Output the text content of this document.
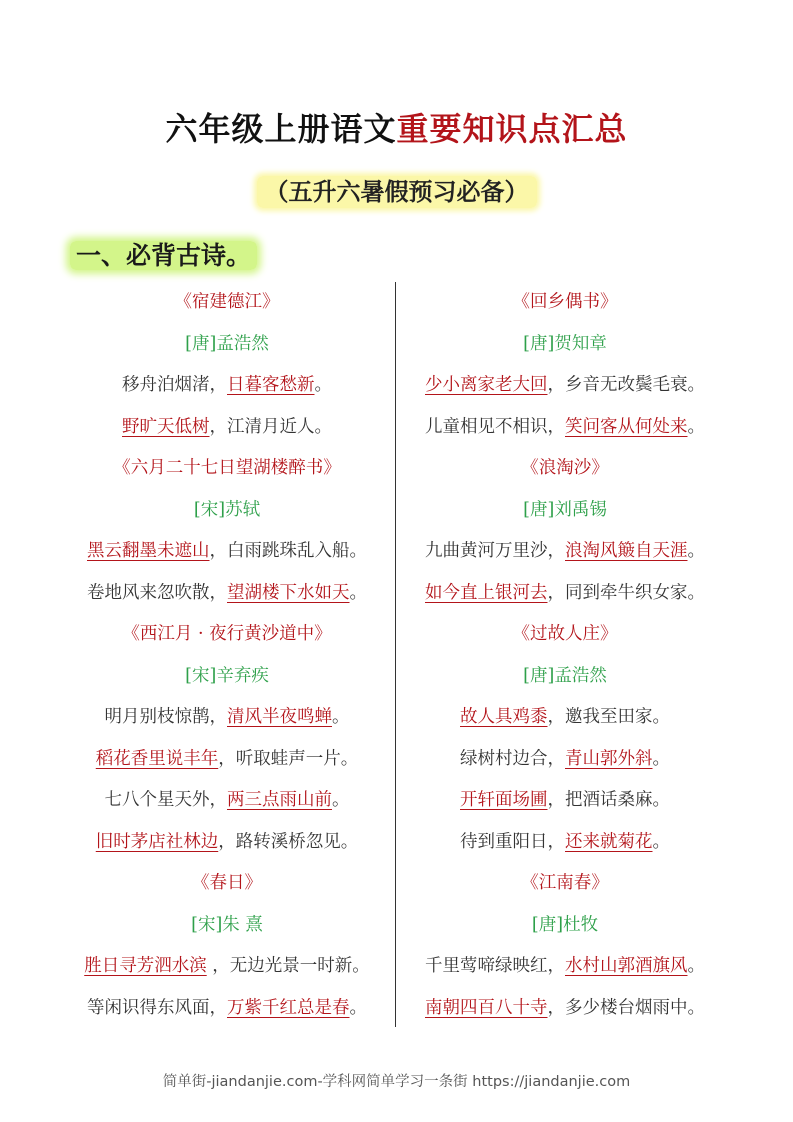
六年级上册语文重要知识点汇总
（五升六暑假预习必备）
一、必背古诗。
《宿建德江》
[唐]孟浩然
移舟泊烟渚，日暮客愁新。
野旷天低树，江清月近人。
《六月二十七日望湖楼醉书》
[宋]苏轼
黑云翻墨未遮山，白雨跳珠乱入船。
卷地风来忽吹散，望湖楼下水如天。
《西江月 · 夜行黄沙道中》
[宋]辛弃疾
明月别枝惊鹊，清风半夜鸣蝉。
稻花香里说丰年，听取蛙声一片。
七八个星天外，两三点雨山前。
旧时茅店社林边，路转溪桥忽见。
《春日》
[宋]朱 熹
胜日寻芳泗水滨 ，无边光景一时新。
等闲识得东风面，万紫千红总是春。
《回乡偶书》
[唐]贺知章
少小离家老大回，乡音无改鬓毛衰。
儿童相见不相识，笑问客从何处来。
《浪淘沙》
[唐]刘禹锡
九曲黄河万里沙，浪淘风簸自天涯。
如今直上银河去，同到牵牛织女家。
《过故人庄》
[唐]孟浩然
故人具鸡黍，邀我至田家。
绿树村边合，青山郭外斜。
开轩面场圃，把酒话桑麻。
待到重阳日，还来就菊花。
《江南春》
[唐]杜牧
千里莺啼绿映红，水村山郭酒旗风。
南朝四百八十寺，多少楼台烟雨中。
简单街-jiandanjie.com-学科网简单学习一条街 https://jiandanjie.com
